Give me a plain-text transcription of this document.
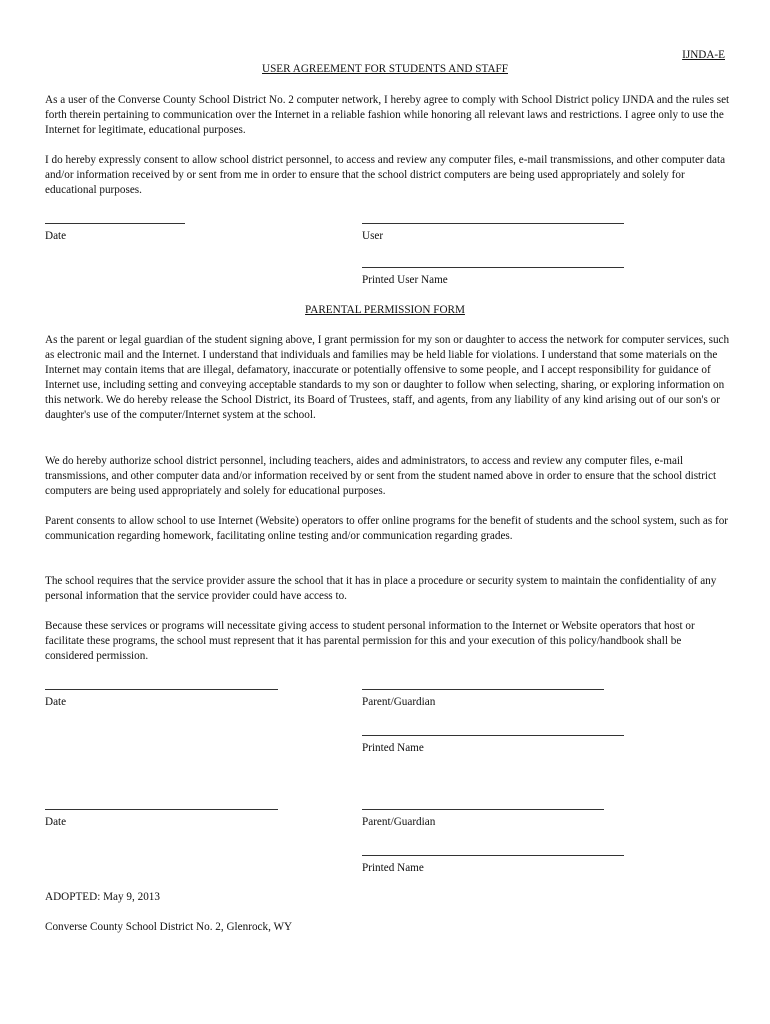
IJNDA-E
USER AGREEMENT FOR STUDENTS AND STAFF
As a user of the Converse County School District No. 2 computer network, I hereby agree to comply with School District policy IJNDA and the rules set forth therein pertaining to communication over the Internet in a reliable fashion while honoring all relevant laws and restrictions. I agree only to use the Internet for legitimate, educational purposes.
I do hereby expressly consent to allow school district personnel, to access and review any computer files, e-mail transmissions, and other computer data and/or information received by or sent from me in order to ensure that the school district computers are being used appropriately and solely for educational purposes.
Date	User
Printed User Name
PARENTAL PERMISSION FORM
As the parent or legal guardian of the student signing above, I grant permission for my son or daughter to access the network for computer services, such as electronic mail and the Internet. I understand that individuals and families may be held liable for violations. I understand that some materials on the Internet may contain items that are illegal, defamatory, inaccurate or potentially offensive to some people, and I accept responsibility for guidance of Internet use, including setting and conveying acceptable standards to my son or daughter to follow when selecting, sharing, or exploring information on this network. We do hereby release the School District, its Board of Trustees, staff, and agents, from any liability of any kind arising out of our son's or daughter's use of the computer/Internet system at the school.
We do hereby authorize school district personnel, including teachers, aides and administrators, to access and review any computer files, e-mail transmissions, and other computer data and/or information received by or sent from the student named above in order to ensure that the school district computers are being used appropriately and solely for educational purposes.
Parent consents to allow school to use Internet (Website) operators to offer online programs for the benefit of students and the school system, such as for communication regarding homework, facilitating online testing and/or communication regarding grades.
The school requires that the service provider assure the school that it has in place a procedure or security system to maintain the confidentiality of any personal information that the service provider could have access to.
Because these services or programs will necessitate giving access to student personal information to the Internet or Website operators that host or facilitate these programs, the school must represent that it has parental permission for this and your execution of this policy/handbook shall be considered permission.
Date	Parent/Guardian
Printed Name
Date	Parent/Guardian
Printed Name
ADOPTED: May 9, 2013
Converse County School District No. 2, Glenrock, WY
